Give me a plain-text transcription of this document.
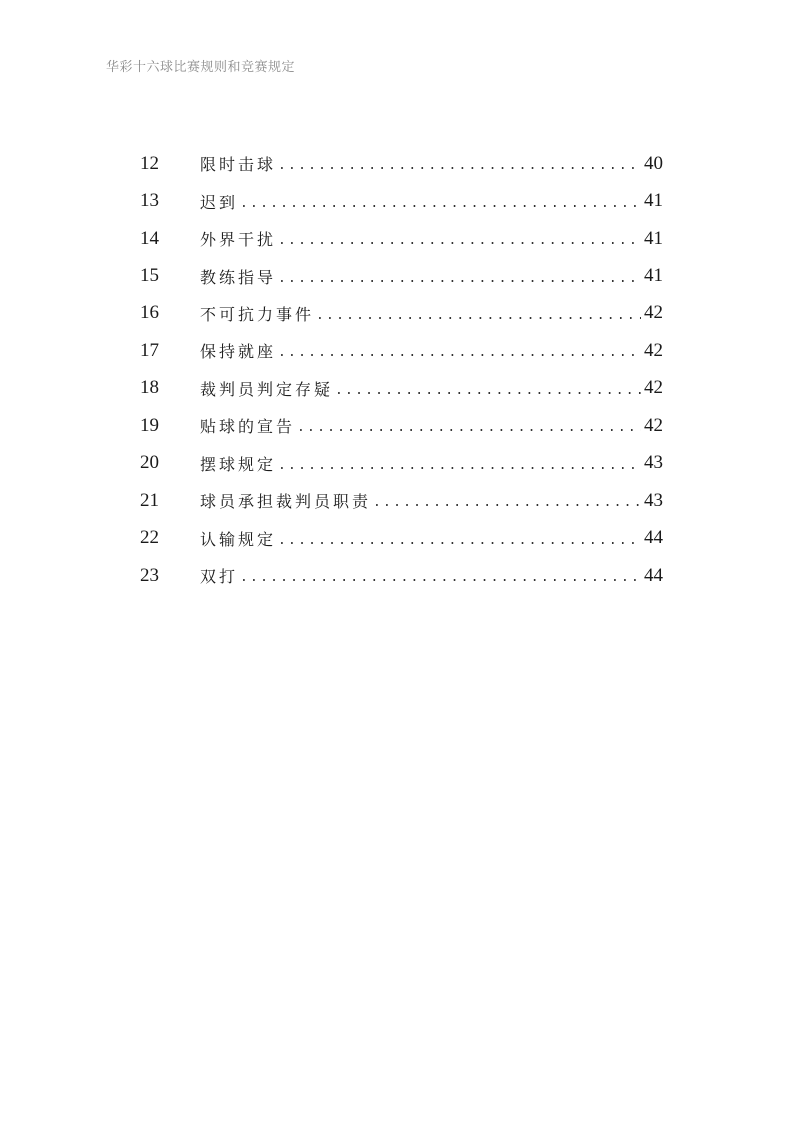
华彩十六球比赛规则和竞赛规定
12	限时击球 .....	40
13	迟到 .....	41
14	外界干扰 .....	41
15	教练指导 .....	41
16	不可抗力事件 .....	42
17	保持就座 .....	42
18	裁判员判定存疑 .....	42
19	贴球的宣告 .....	42
20	摆球规定 .....	43
21	球员承担裁判员职责 .....	43
22	认输规定 .....	44
23	双打 .....	44
